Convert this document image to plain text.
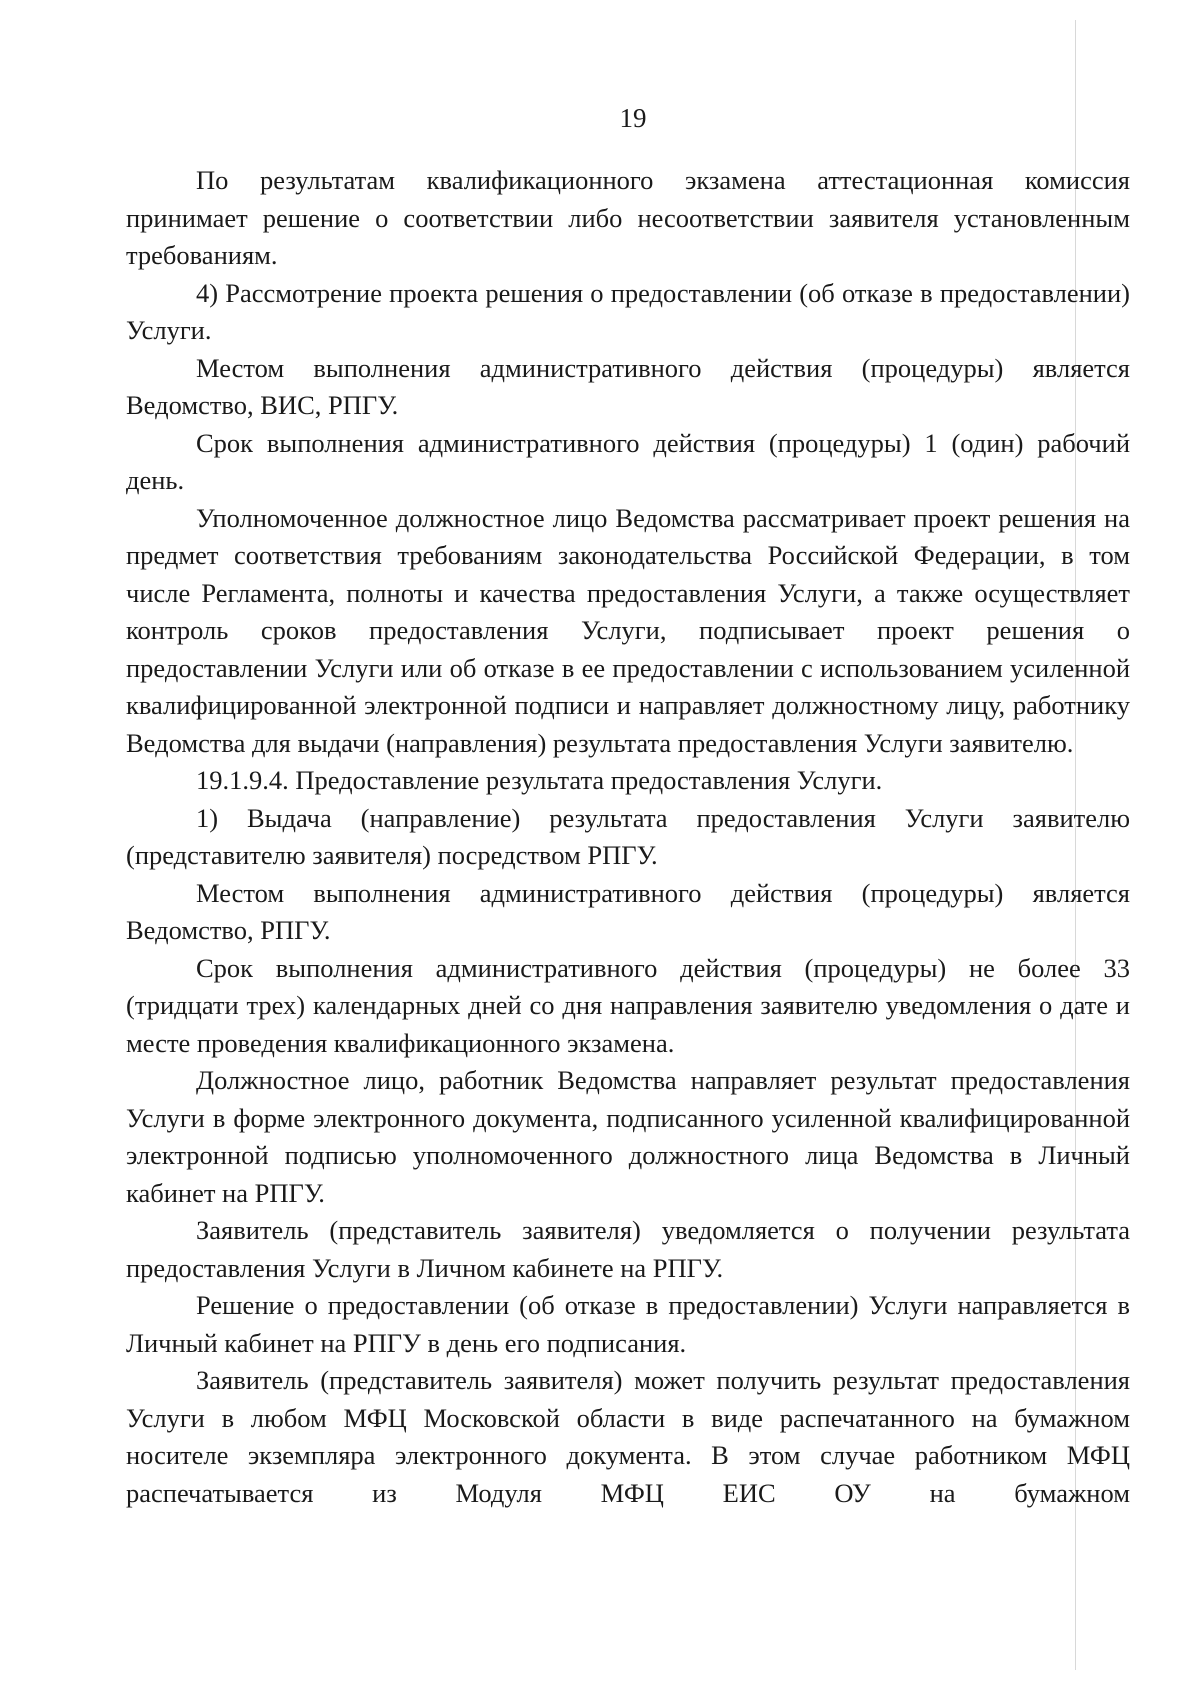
19

По результатам квалификационного экзамена аттестационная комиссия принимает решение о соответствии либо несоответствии заявителя установленным требованиям.

4) Рассмотрение проекта решения о предоставлении (об отказе в предоставлении) Услуги.

Местом выполнения административного действия (процедуры) является Ведомство, ВИС, РПГУ.

Срок выполнения административного действия (процедуры) 1 (один) рабочий день.

Уполномоченное должностное лицо Ведомства рассматривает проект решения на предмет соответствия требованиям законодательства Российской Федерации, в том числе Регламента, полноты и качества предоставления Услуги, а также осуществляет контроль сроков предоставления Услуги, подписывает проект решения о предоставлении Услуги или об отказе в ее предоставлении с использованием усиленной квалифицированной электронной подписи и направляет должностному лицу, работнику Ведомства для выдачи (направления) результата предоставления Услуги заявителю.

19.1.9.4. Предоставление результата предоставления Услуги.

1) Выдача (направление) результата предоставления Услуги заявителю (представителю заявителя) посредством РПГУ.

Местом выполнения административного действия (процедуры) является Ведомство, РПГУ.

Срок выполнения административного действия (процедуры) не более 33 (тридцати трех) календарных дней со дня направления заявителю уведомления о дате и месте проведения квалификационного экзамена.

Должностное лицо, работник Ведомства направляет результат предоставления Услуги в форме электронного документа, подписанного усиленной квалифицированной электронной подписью уполномоченного должностного лица Ведомства в Личный кабинет на РПГУ.

Заявитель (представитель заявителя) уведомляется о получении результата предоставления Услуги в Личном кабинете на РПГУ.

Решение о предоставлении (об отказе в предоставлении) Услуги направляется в Личный кабинет на РПГУ в день его подписания.

Заявитель (представитель заявителя) может получить результат предоставления Услуги в любом МФЦ Московской области в виде распечатанного на бумажном носителе экземпляра электронного документа. В этом случае работником МФЦ распечатывается из Модуля МФЦ ЕИС ОУ на бумажном
